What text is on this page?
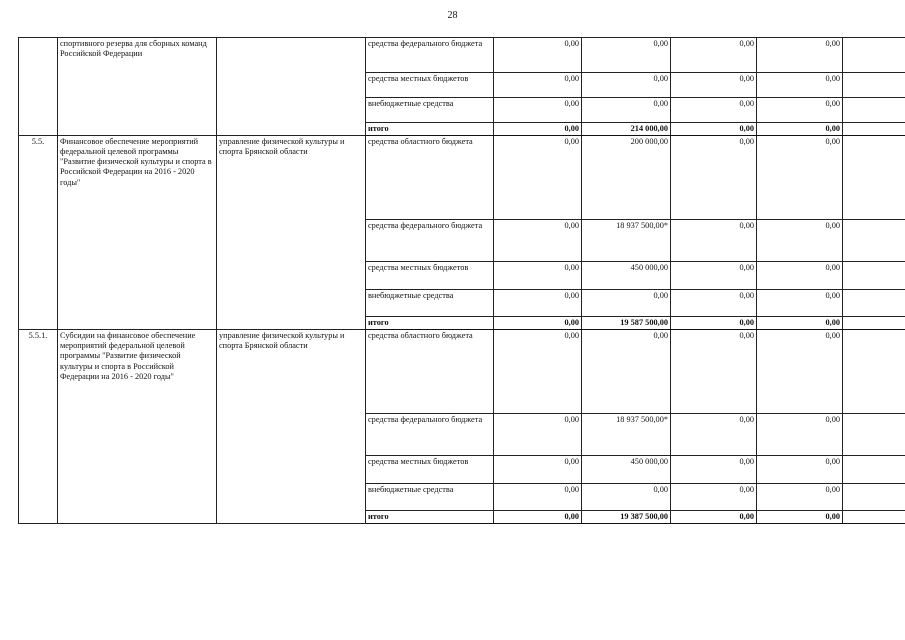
28
	спортивного резерва для сборных команд Российской Федерации		средства федерального бюджета	0,00	0,00	0,00	0,00	
			средства местных бюджетов	0,00	0,00	0,00	0,00	
			внебюджетные средства	0,00	0,00	0,00	0,00	
			итого	0,00	214 000,00	0,00	0,00	
5.5.	Финансовое обеспечение мероприятий федеральной целевой программы "Развитие физической культуры и спорта в Российской Федерации на 2016 - 2020 годы"	управление физической культуры и спорта Брянской области	средства областного бюджета	0,00	200 000,00	0,00	0,00	
			средства федерального бюджета	0,00	18 937 500,00*	0,00	0,00	
			средства местных бюджетов	0,00	450 000,00	0,00	0,00	
			внебюджетные средства	0,00	0,00	0,00	0,00	
			итого	0,00	19 587 500,00	0,00	0,00	
5.5.1.	Субсидии на финансовое обеспечение мероприятий федеральной целевой программы "Развитие физической культуры и спорта в Российской Федерации на 2016 - 2020 годы"	управление физической культуры и спорта Брянской области	средства областного бюджета	0,00	0,00	0,00	0,00	
			средства федерального бюджета	0,00	18 937 500,00*	0,00	0,00	
			средства местных бюджетов	0,00	450 000,00	0,00	0,00	
			внебюджетные средства	0,00	0,00	0,00	0,00	
			итого	0,00	19 387 500,00	0,00	0,00	
